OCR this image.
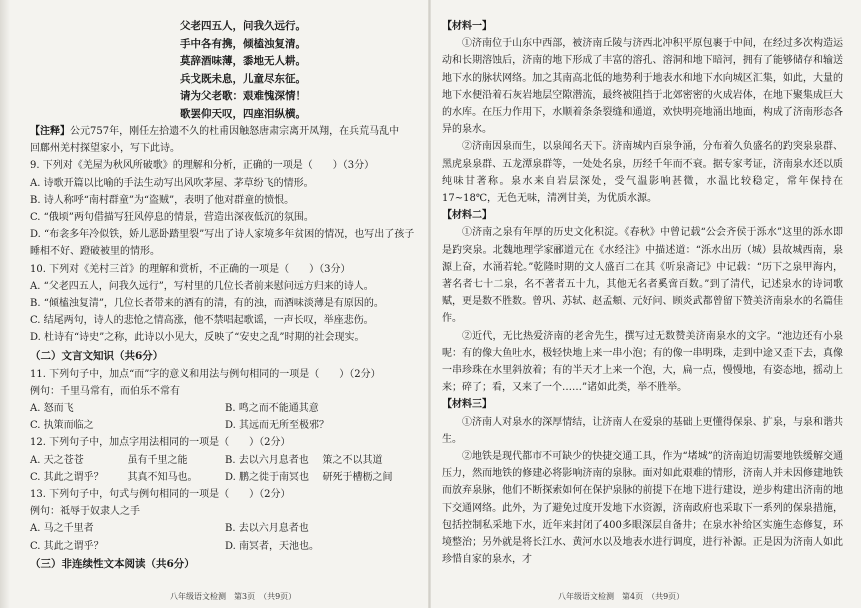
父老四五人，问我久远行。
手中各有携，倾榼浊复清。
莫辞酒味薄，黍地无人耕。
兵戈既未息，儿童尽东征。
请为父老歌：艰难愧深情！
歌罢仰天叹，四座泪纵横。
【注释】公元757年，刚任左拾遗不久的杜甫因触怒唐肃宗离开凤翔，在兵荒马乱中
回鄜州羌村探望家小，写下此诗。
9. 下列对《羌屋为秋风所破歌》的理解和分析，正确的一项是（　　）（3分）
A. 诗歌开篇以比喻的手法生动写出风吹茅屋、茅草纷飞的情形。
B. 诗人称呼“南村群童”为“盗贼”，表明了他对群童的愤恨。
C. “俄顷”两句借描写狂风停息的情景，营造出深夜低沉的氛围。
D. “布衾多年冷似铁，娇儿恶卧踏里裂”写出了诗人家境多年贫困的情况，也写出了孩子
睡相不好、蹬破被里的情形。
10. 下列对《羌村三首》的理解和赏析，不正确的一项是（　　）（3分）
A. “父老四五人，问我久远行”，写村里的几位长者前来慰问远方归来的诗人。
B. “倾榼浊复清”，几位长者带来的酒有的清，有的浊，而酒味淡薄是有原因的。
C. 结尾两句，诗人的悲怆之情高涨，他不禁唱起歌谣，一声长叹，举座悲伤。
D. 杜诗有“诗史”之称，此诗以小见大，反映了“安史之乱”时期的社会现实。
（二）文言文知识（共6分）
11. 下列句子中，加点“而”字的意义和用法与例句相同的一项是（　　）（2分）
例句：千里马常有，而伯乐不常有
A. 怒而飞	B. 鸣之而不能通其意
C. 执策而临之	D. 其远而无所至极邪？
12. 下列句子中，加点字用法相同的一项是（　　）（2分）
A. 天之苍苍	虽有千里之能	B. 去以六月息者也	策之不以其道
C. 其此之谓乎？	其真不知马也。	D. 鹏之徙于南冥也	研死于槽枥之间
13. 下列句子中，句式与例句相同的一项是（　　）（2分）
例句：祗辱于奴隶人之手
A. 马之千里者	B. 去以六月息者也
C. 其此之谓乎？	D. 南冥者，天池也。
（三）非连续性文本阅读（共6分）
八年级语文检测　第3页　（共9页）
【材料一】

①济南位于山东中西部，被济南丘陵与济西北冲积平原包裹于中间，在经过多次构造运动和长期溶蚀后，济南的地下形成了丰富的溶孔、溶洞和地下暗河，拥有了能够储存和输送地下水的脉状网络。加之其南高北低的地势利于地表水和地下水向城区汇集，如此，大量的地下水便沿着石灰岩地层空隙潜流，最终被阻挡于北郊密密的火成岩体，在地下聚集成巨大的水库。在压力作用下，水顺着条条裂缝和通道，欢快明亮地涌出地面，构成了济南形态各异的泉水。

②济南因泉而生，以泉闻名天下。济南城内百泉争涌，分布着久负盛名的趵突泉泉群、黑虎泉泉群、五龙潭泉群等，一处处名泉，历经千年而不衰。据专家考证，济南泉水还以质纯味甘著称。泉水来自岩层深处，受气温影响甚微，水温比较稳定，常年保持在17~18℃，无色无味，清冽甘美，为优质水源。

【材料二】

①济南之泉有年厚的历史文化积淀。《春秋》中曾记载“公会齐侯于泺水”这里的泺水即是趵突泉。北魏地理学家郦道元在《水经注》中描述道：“泺水出历（城）县故城西南，泉源上奋，水涌若轮。”乾隆时期的文人盛百二在其《听泉斋记》中记载：“历下之泉甲海内，著名者七十二泉，名不著者五十九，其他无名者奚啻百数。”到了清代，记述泉水的诗词歌赋，更是数不胜数。曾巩、苏轼、赵孟頫、元好问、顾炎武都曾留下赞美济南泉水的名篇佳作。

②近代，无比热爱济南的老舍先生，撰写过无数赞美济南泉水的文字。“池边还有小泉呢：有的像大鱼吐水，极轻快地上来一串小泡；有的像一串明珠，走到中途又歪下去，真像一串珍珠在水里斜放着；有的半天才上来一个泡，大，扁一点，慢慢地，有姿态地，摇动上来；碎了；看，又来了一个……”诸如此类，举不胜举。

【材料三】

①济南人对泉水的深厚情结，让济南人在爱泉的基础上更懂得保泉、扩泉，与泉和谐共生。

②地铁是现代都市不可缺少的快捷交通工具，作为“堵城”的济南迫切需要地铁缓解交通压力，然而地铁的修建必将影响济南的泉脉。面对如此艰难的情形，济南人并未因修建地铁而放弃泉脉，他们不断探索如何在保护泉脉的前提下在地下进行建设，逆步构建出济南的地下交通网络。此外，为了避免过度开发地下水资源，济南政府也采取下一系列的保泉措施，包括控制私采地下水，近年来封闭了400多眼深层自备井；在泉水补给区实施生态修复，环境整治；另外就是将长江水、黄河水以及地表水进行调度，进行补源。正是因为济南人如此珍惜自家的泉水，才

八年级语文检测　第4页　（共9页）
